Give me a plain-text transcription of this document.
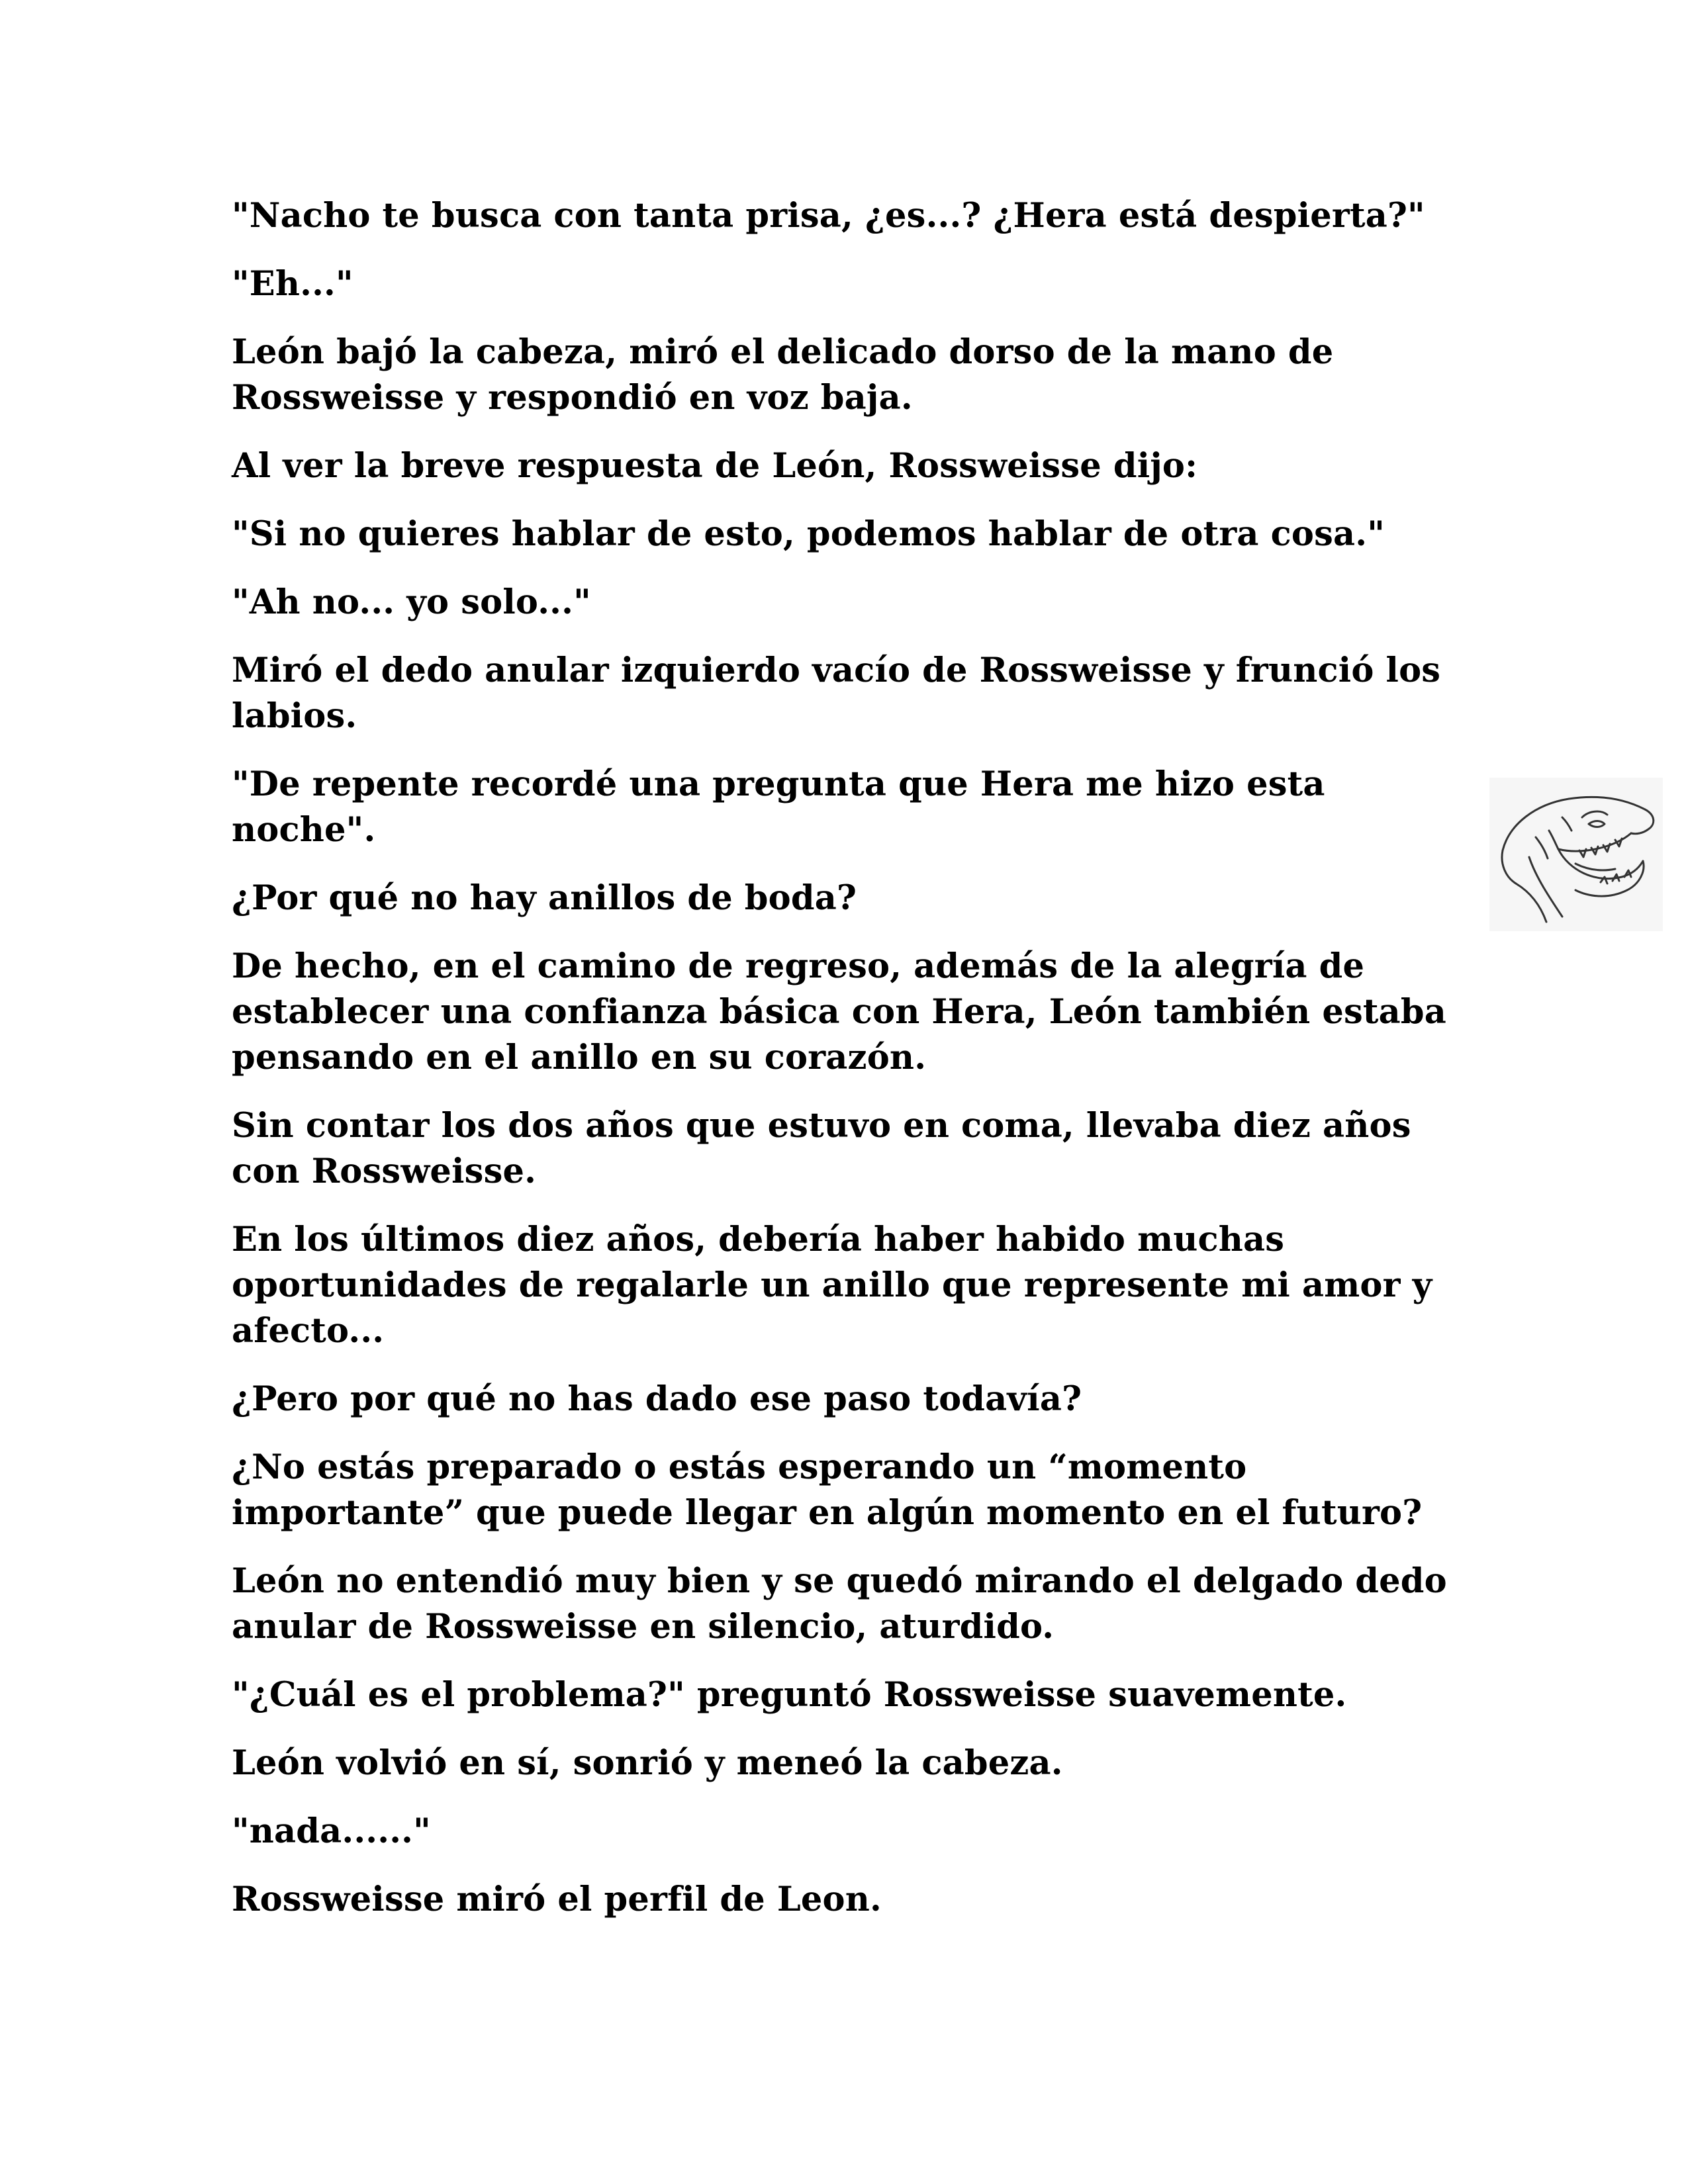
"Nacho te busca con tanta prisa, ¿es...? ¿Hera está despierta?"

"Eh..."

León bajó la cabeza, miró el delicado dorso de la mano de Rossweisse y respondió en voz baja.

Al ver la breve respuesta de León, Rossweisse dijo:

"Si no quieres hablar de esto, podemos hablar de otra cosa."

"Ah no... yo solo..."

Miró el dedo anular izquierdo vacío de Rossweisse y frunció los labios.

"De repente recordé una pregunta que Hera me hizo esta noche".

¿Por qué no hay anillos de boda?

De hecho, en el camino de regreso, además de la alegría de establecer una confianza básica con Hera, León también estaba pensando en el anillo en su corazón.

Sin contar los dos años que estuvo en coma, llevaba diez años con Rossweisse.

En los últimos diez años, debería haber habido muchas oportunidades de regalarle un anillo que represente mi amor y afecto...

¿Pero por qué no has dado ese paso todavía?

¿No estás preparado o estás esperando un “momento importante” que puede llegar en algún momento en el futuro?

León no entendió muy bien y se quedó mirando el delgado dedo anular de Rossweisse en silencio, aturdido.

"¿Cuál es el problema?" preguntó Rossweisse suavemente.

León volvió en sí, sonrió y meneó la cabeza.

"nada......"

Rossweisse miró el perfil de Leon.
